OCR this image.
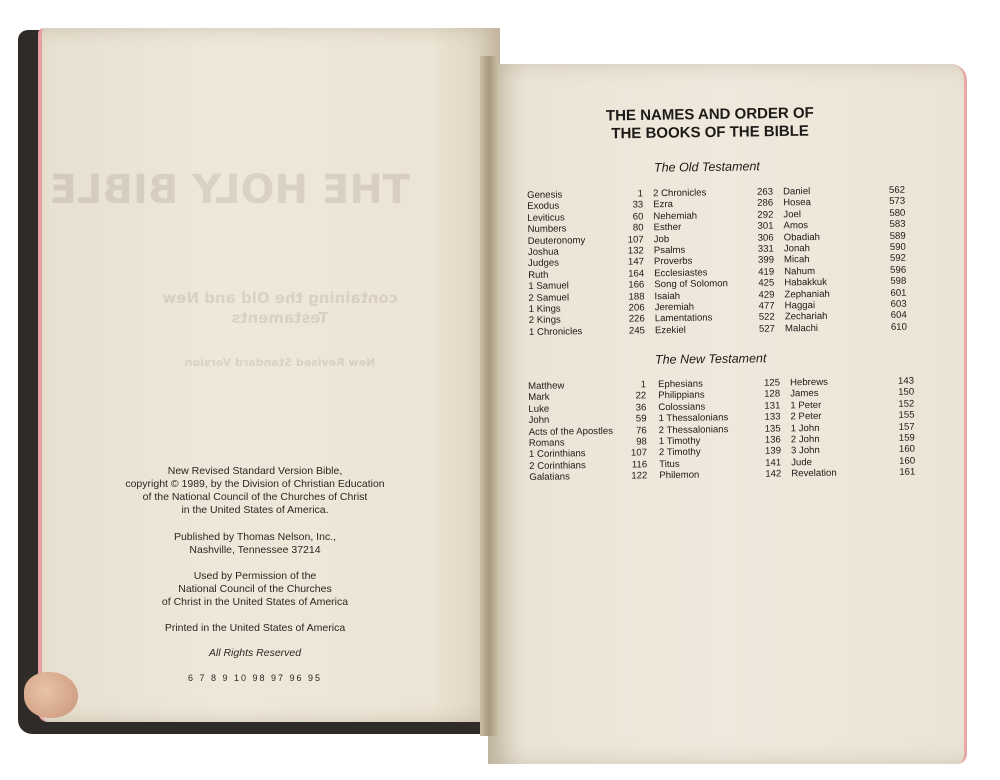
THE HOLY BIBLE
containing the Old and New Testaments
New Revised Standard Version
New Revised Standard Version Bible,
copyright © 1989, by the Division of Christian Education
of the National Council of the Churches of Christ
in the United States of America.
Published by Thomas Nelson, Inc.,
Nashville, Tennessee 37214
Used by Permission of the
National Council of the Churches
of Christ in the United States of America
Printed in the United States of America
All Rights Reserved
6 7 8 9 10 98 97 96 95
THE NAMES AND ORDER OF
THE BOOKS OF THE BIBLE
The Old Testament
Genesis	1
Exodus	33
Leviticus	60
Numbers	80
Deuteronomy	107
Joshua	132
Judges	147
Ruth	164
1 Samuel	166
2 Samuel	188
1 Kings	206
2 Kings	226
1 Chronicles	245
2 Chronicles	263
Ezra	286
Nehemiah	292
Esther	301
Job	306
Psalms	331
Proverbs	399
Ecclesiastes	419
Song of Solomon	425
Isaiah	429
Jeremiah	477
Lamentations	522
Ezekiel	527
Daniel	562
Hosea	573
Joel	580
Amos	583
Obadiah	589
Jonah	590
Micah	592
Nahum	596
Habakkuk	598
Zephaniah	601
Haggai	603
Zechariah	604
Malachi	610
The New Testament
Matthew	1
Mark	22
Luke	36
John	59
Acts of the Apostles	76
Romans	98
1 Corinthians	107
2 Corinthians	116
Galatians	122
Ephesians	125
Philippians	128
Colossians	131
1 Thessalonians	133
2 Thessalonians	135
1 Timothy	136
2 Timothy	139
Titus	141
Philemon	142
Hebrews	143
James	150
1 Peter	152
2 Peter	155
1 John	157
2 John	159
3 John	160
Jude	160
Revelation	161
